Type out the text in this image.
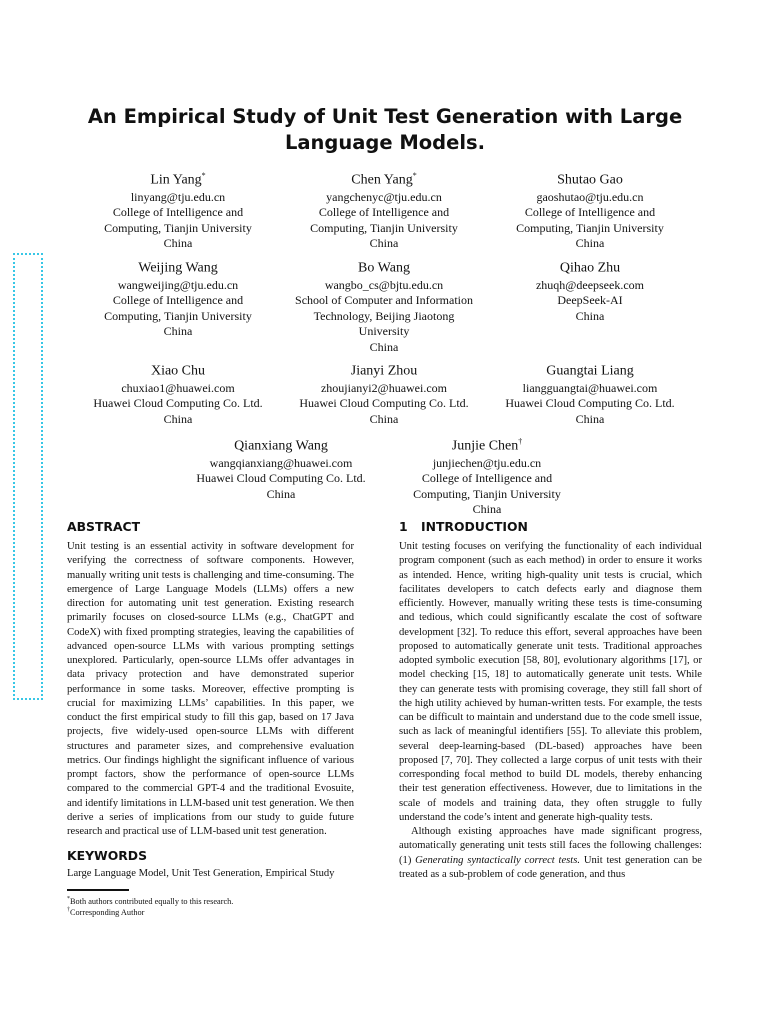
An Empirical Study of Unit Test Generation with Large Language Models.
Lin Yang*
linyang@tju.edu.cn
College of Intelligence and
Computing, Tianjin University
China
Chen Yang*
yangchenyc@tju.edu.cn
College of Intelligence and
Computing, Tianjin University
China
Shutao Gao
gaoshutao@tju.edu.cn
College of Intelligence and
Computing, Tianjin University
China
Weijing Wang
wangweijing@tju.edu.cn
College of Intelligence and
Computing, Tianjin University
China
Bo Wang
wangbo_cs@bjtu.edu.cn
School of Computer and Information
Technology, Beijing Jiaotong
University
China
Qihao Zhu
zhuqh@deepseek.com
DeepSeek-AI
China
Xiao Chu
chuxiao1@huawei.com
Huawei Cloud Computing Co. Ltd.
China
Jianyi Zhou
zhoujianyi2@huawei.com
Huawei Cloud Computing Co. Ltd.
China
Guangtai Liang
liangguangtai@huawei.com
Huawei Cloud Computing Co. Ltd.
China
Qianxiang Wang
wangqianxiang@huawei.com
Huawei Cloud Computing Co. Ltd.
China
Junjie Chen†
junjiechen@tju.edu.cn
College of Intelligence and
Computing, Tianjin University
China
ABSTRACT

Unit testing is an essential activity in software development for verifying the correctness of software components. However, manually writing unit tests is challenging and time-consuming. The emergence of Large Language Models (LLMs) offers a new direction for automating unit test generation. Existing research primarily focuses on closed-source LLMs (e.g., ChatGPT and CodeX) with fixed prompting strategies, leaving the capabilities of advanced open-source LLMs with various prompting settings unexplored. Particularly, open-source LLMs offer advantages in data privacy protection and have demonstrated superior performance in some tasks. Moreover, effective prompting is crucial for maximizing LLMs’ capabilities. In this paper, we conduct the first empirical study to fill this gap, based on 17 Java projects, five widely-used open-source LLMs with different structures and parameter sizes, and comprehensive evaluation metrics. Our findings highlight the significant influence of various prompt factors, show the performance of open-source LLMs compared to the commercial GPT-4 and the traditional Evosuite, and identify limitations in LLM-based unit test generation. We then derive a series of implications from our study to guide future research and practical use of LLM-based unit test generation.

KEYWORDS

Large Language Model, Unit Test Generation, Empirical Study

*Both authors contributed equally to this research.
†Corresponding Author
1 INTRODUCTION

Unit testing focuses on verifying the functionality of each individual program component (such as each method) in order to ensure it works as intended. Hence, writing high-quality unit tests is crucial, which facilitates developers to catch defects early and diagnose them efficiently. However, manually writing these tests is time-consuming and tedious, which could significantly escalate the cost of software development [32]. To reduce this effort, several approaches have been proposed to automatically generate unit tests. Traditional approaches adopted symbolic execution [58, 80], evolutionary algorithms [17], or model checking [15, 18] to automatically generate unit tests. While they can generate tests with promising coverage, they still fall short of the high utility achieved by human-written tests. For example, the tests can be difficult to maintain and understand due to the code smell issue, such as lack of meaningful identifiers [55]. To alleviate this problem, several deep-learning-based (DL-based) approaches have been proposed [7, 70]. They collected a large corpus of unit tests with their corresponding focal method to build DL models, thereby enhancing their test generation effectiveness. However, due to limitations in the scale of models and training data, they often struggle to fully understand the code’s intent and generate high-quality tests.

Although existing approaches have made significant progress, automatically generating unit tests still faces the following challenges: (1) Generating syntactically correct tests. Unit test generation can be treated as a sub-problem of code generation, and thus
